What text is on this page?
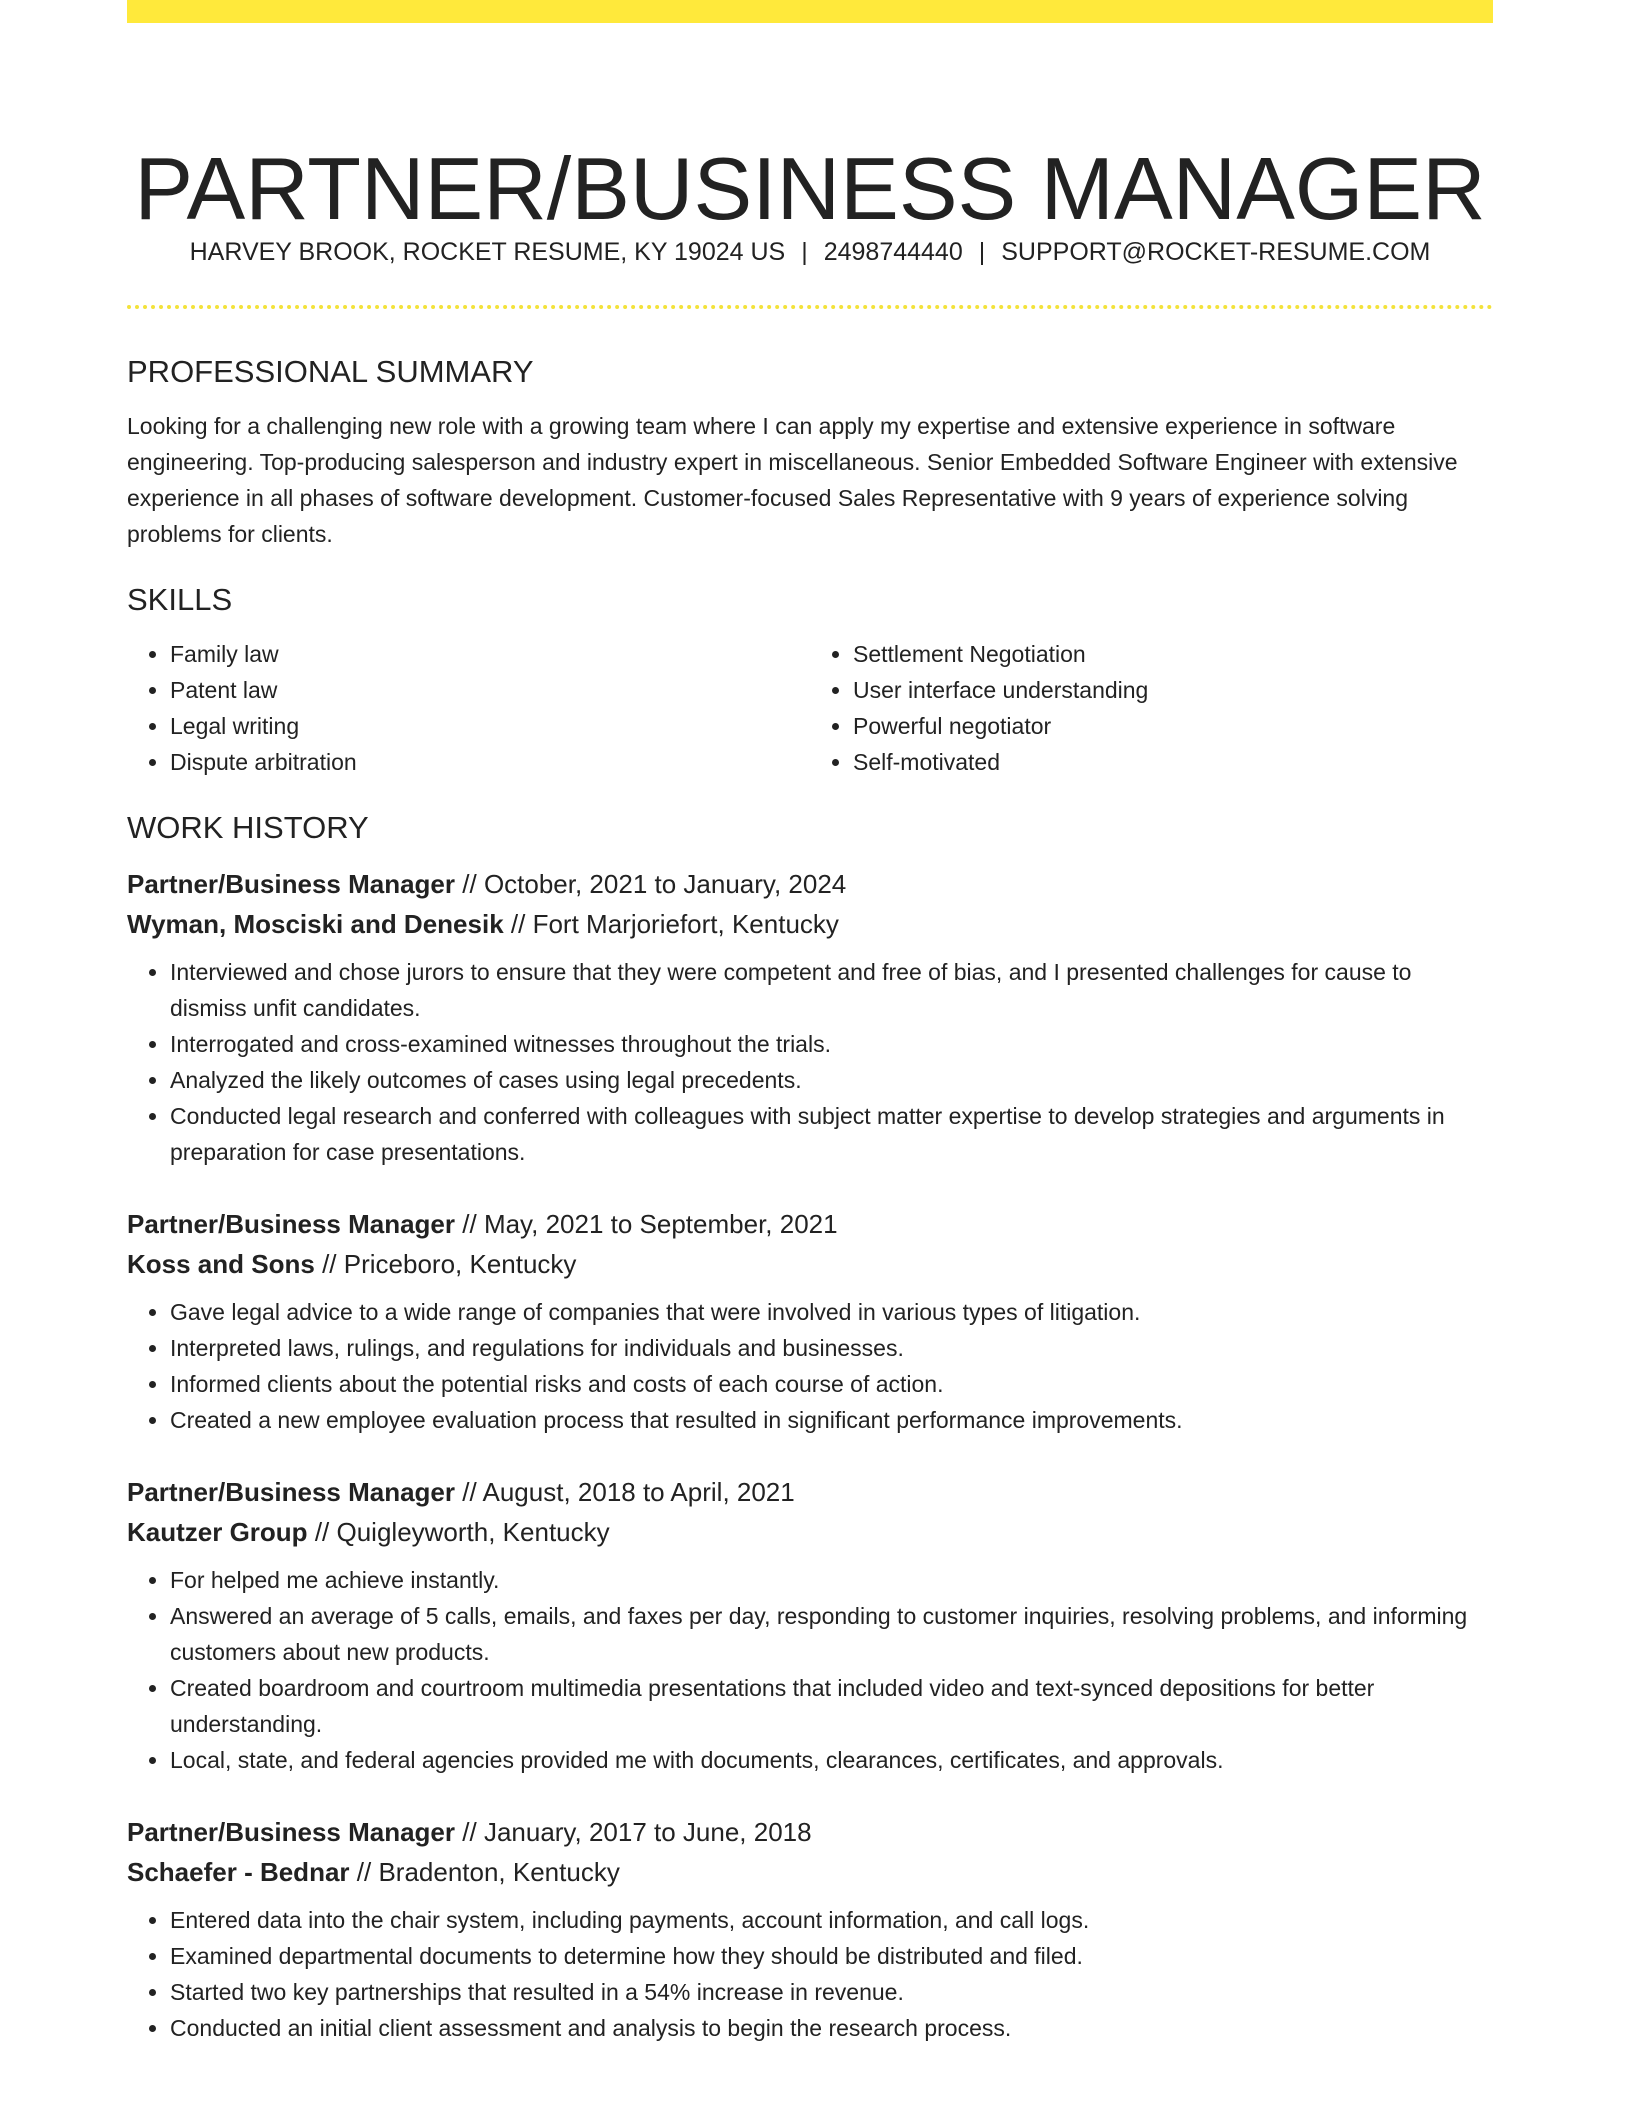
PARTNER/BUSINESS MANAGER
HARVEY BROOK, ROCKET RESUME, KY 19024 US | 2498744440 | SUPPORT@ROCKET-RESUME.COM
PROFESSIONAL SUMMARY

Looking for a challenging new role with a growing team where I can apply my expertise and extensive experience in software engineering. Top-producing salesperson and industry expert in miscellaneous. Senior Embedded Software Engineer with extensive experience in all phases of software development. Customer-focused Sales Representative with 9 years of experience solving problems for clients.

SKILLS
• Family law
• Patent law
• Legal writing
• Dispute arbitration
• Settlement Negotiation
• User interface understanding
• Powerful negotiator
• Self-motivated
WORK HISTORY
Partner/Business Manager // October, 2021 to January, 2024
Wyman, Mosciski and Denesik // Fort Marjoriefort, Kentucky
• Interviewed and chose jurors to ensure that they were competent and free of bias, and I presented challenges for cause to dismiss unfit candidates.
• Interrogated and cross-examined witnesses throughout the trials.
• Analyzed the likely outcomes of cases using legal precedents.
• Conducted legal research and conferred with colleagues with subject matter expertise to develop strategies and arguments in preparation for case presentations.
Partner/Business Manager // May, 2021 to September, 2021
Koss and Sons // Priceboro, Kentucky
• Gave legal advice to a wide range of companies that were involved in various types of litigation.
• Interpreted laws, rulings, and regulations for individuals and businesses.
• Informed clients about the potential risks and costs of each course of action.
• Created a new employee evaluation process that resulted in significant performance improvements.
Partner/Business Manager // August, 2018 to April, 2021
Kautzer Group // Quigleyworth, Kentucky
• For helped me achieve instantly.
• Answered an average of 5 calls, emails, and faxes per day, responding to customer inquiries, resolving problems, and informing customers about new products.
• Created boardroom and courtroom multimedia presentations that included video and text-synced depositions for better understanding.
• Local, state, and federal agencies provided me with documents, clearances, certificates, and approvals.
Partner/Business Manager // January, 2017 to June, 2018
Schaefer - Bednar // Bradenton, Kentucky
• Entered data into the chair system, including payments, account information, and call logs.
• Examined departmental documents to determine how they should be distributed and filed.
• Started two key partnerships that resulted in a 54% increase in revenue.
• Conducted an initial client assessment and analysis to begin the research process.
